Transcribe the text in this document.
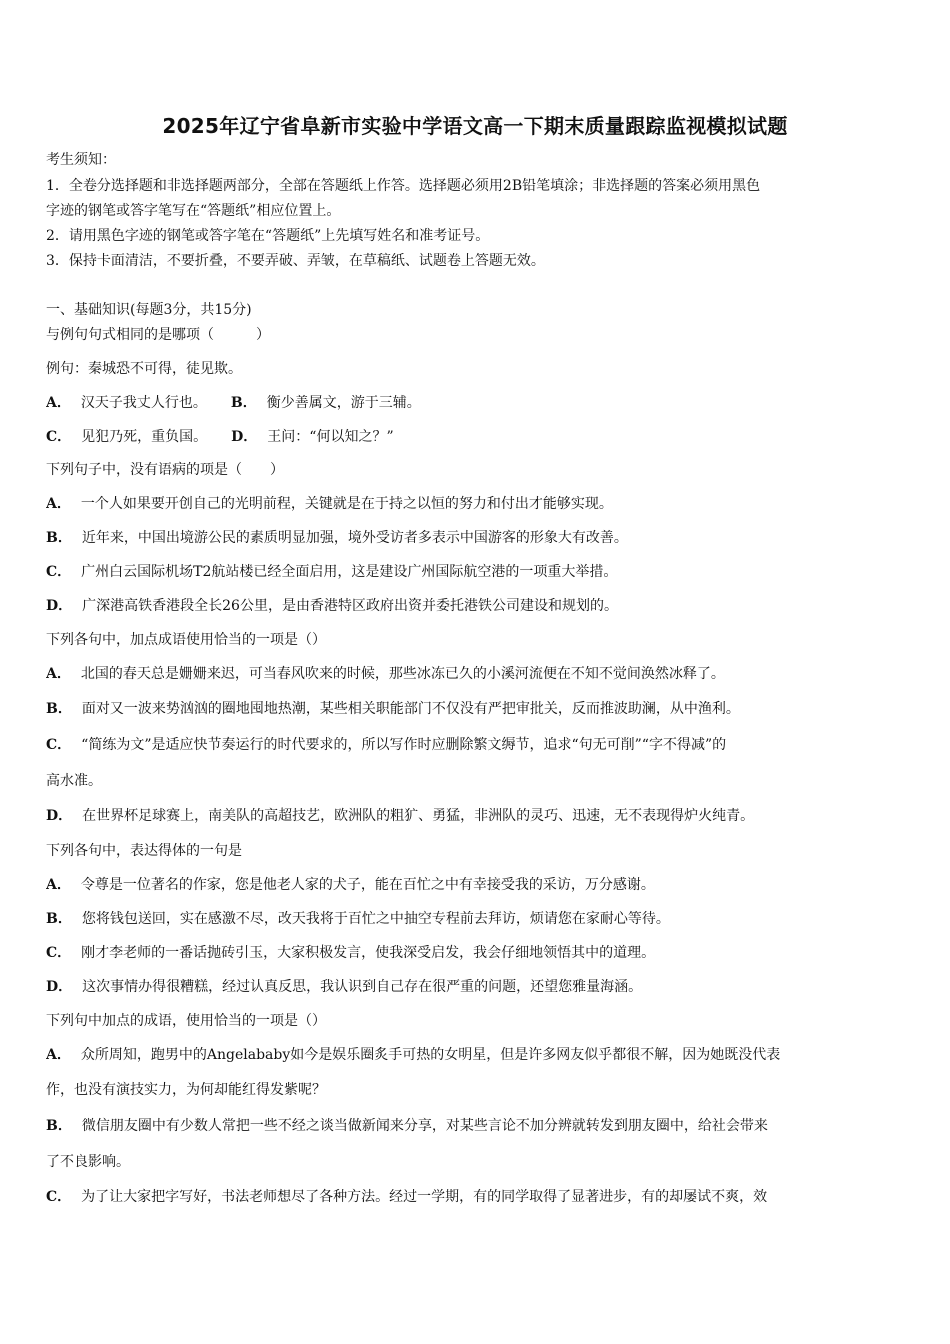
2025年辽宁省阜新市实验中学语文高一下期末质量跟踪监视模拟试题
考生须知：
1．全卷分选择题和非选择题两部分，全部在答题纸上作答。选择题必须用2B铅笔填涂；非选择题的答案必须用黑色
字迹的钢笔或答字笔写在“答题纸”相应位置上。
2．请用黑色字迹的钢笔或答字笔在“答题纸”上先填写姓名和准考证号。
3．保持卡面清洁，不要折叠，不要弄破、弄皱，在草稿纸、试题卷上答题无效。
一、基础知识(每题3分，共15分)
与例句句式相同的是哪项（　　　）
例句：秦城恐不可得，徒见欺。
A． 汉天子我丈人行也。 B． 衡少善属文，游于三辅。
C． 见犯乃死，重负国。 D． 王问：“何以知之？”
下列句子中，没有语病的项是（　　）
A． 一个人如果要开创自己的光明前程，关键就是在于持之以恒的努力和付出才能够实现。
B． 近年来，中国出境游公民的素质明显加强，境外受访者多表示中国游客的形象大有改善。
C． 广州白云国际机场T2航站楼已经全面启用，这是建设广州国际航空港的一项重大举措。
D． 广深港高铁香港段全长26公里，是由香港特区政府出资并委托港铁公司建设和规划的。
下列各句中，加点成语使用恰当的一项是（）
A． 北国的春天总是姗姗来迟，可当春风吹来的时候，那些冰冻已久的小溪河流便在不知不觉间涣然冰释了。
B． 面对又一波来势汹汹的圈地囤地热潮，某些相关职能部门不仅没有严把审批关，反而推波助澜，从中渔利。
C． “简练为文”是适应快节奏运行的时代要求的，所以写作时应删除繁文缛节，追求“句无可削”“字不得减”的
高水准。
D． 在世界杯足球赛上，南美队的高超技艺，欧洲队的粗犷、勇猛，非洲队的灵巧、迅速，无不表现得炉火纯青。
下列各句中，表达得体的一句是
A． 令尊是一位著名的作家，您是他老人家的犬子，能在百忙之中有幸接受我的采访，万分感谢。
B． 您将钱包送回，实在感激不尽，改天我将于百忙之中抽空专程前去拜访，烦请您在家耐心等待。
C． 刚才李老师的一番话抛砖引玉，大家积极发言，使我深受启发，我会仔细地领悟其中的道理。
D． 这次事情办得很糟糕，经过认真反思，我认识到自己存在很严重的问题，还望您雅量海涵。
下列句中加点的成语，使用恰当的一项是（）
A． 众所周知，跑男中的Angelababy如今是娱乐圈炙手可热的女明星，但是许多网友似乎都很不解，因为她既没代表
作，也没有演技实力，为何却能红得发紫呢？
B． 微信朋友圈中有少数人常把一些不经之谈当做新闻来分享，对某些言论不加分辨就转发到朋友圈中，给社会带来
了不良影响。
C． 为了让大家把字写好，书法老师想尽了各种方法。经过一学期，有的同学取得了显著进步，有的却屡试不爽，效
